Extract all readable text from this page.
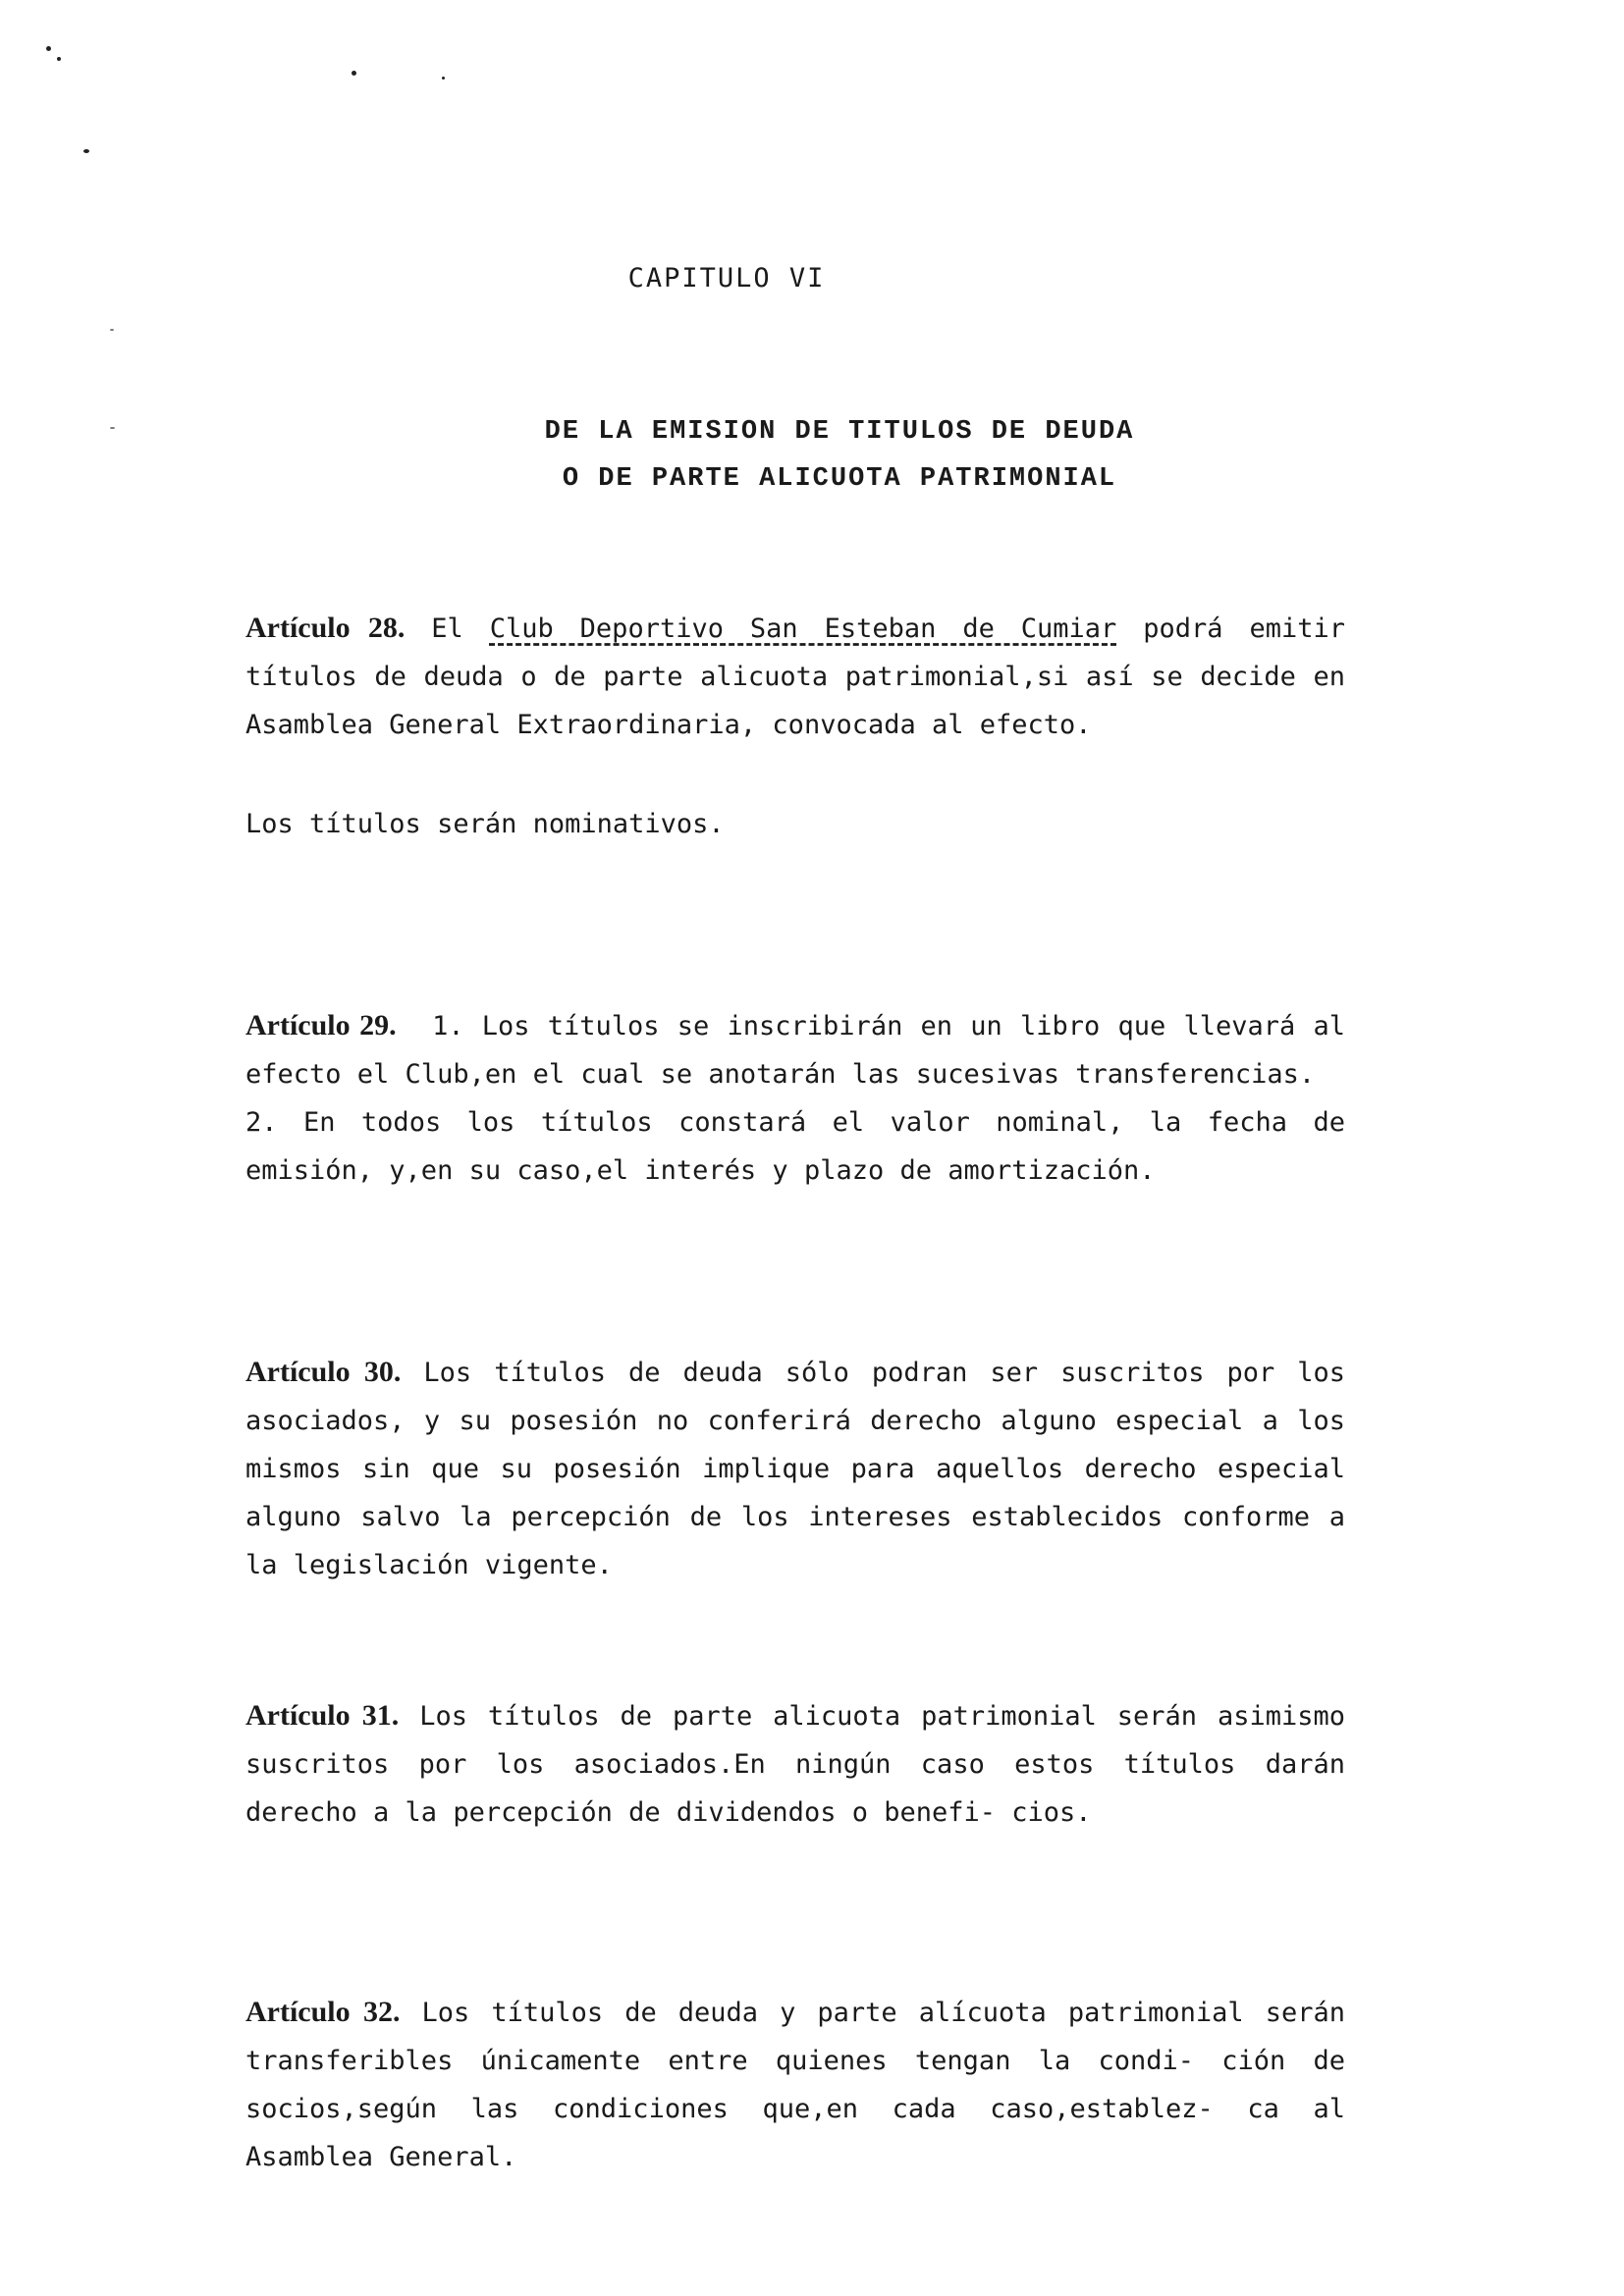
CAPITULO VI
DE LA EMISION DE TITULOS DE DEUDA
O DE PARTE ALICUOTA PATRIMONIAL

Artículo 28. El Club Deportivo San Esteban de Cumiar podrá emitir títulos de deuda o de parte alicuota patrimonial,si así se decide en Asamblea General Extraordinaria, convocada al efecto.

Los títulos serán nominativos.

Artículo 29. 1. Los títulos se inscribirán en un libro que llevará al efecto el Club,en el cual se anotarán las sucesivas transferencias.

2. En todos los títulos constará el valor nominal, la fecha de emisión, y,en su caso,el interés y plazo de amortización.

Artículo 30. Los títulos de deuda sólo podran ser suscritos por los asociados, y su posesión no conferirá derecho alguno especial a los mismos sin que su posesión implique para aquellos derecho especial alguno salvo la percepción de los intereses establecidos conforme a la legislación vigente.

Artículo 31. Los títulos de parte alicuota patrimonial serán asimismo suscritos por los asociados.En ningún caso estos títulos darán derecho a la percepción de dividendos o benefi- cios.

Artículo 32. Los títulos de deuda y parte alícuota patrimonial serán transferibles únicamente entre quienes tengan la condi- ción de socios,según las condiciones que,en cada caso,establez- ca al Asamblea General.
